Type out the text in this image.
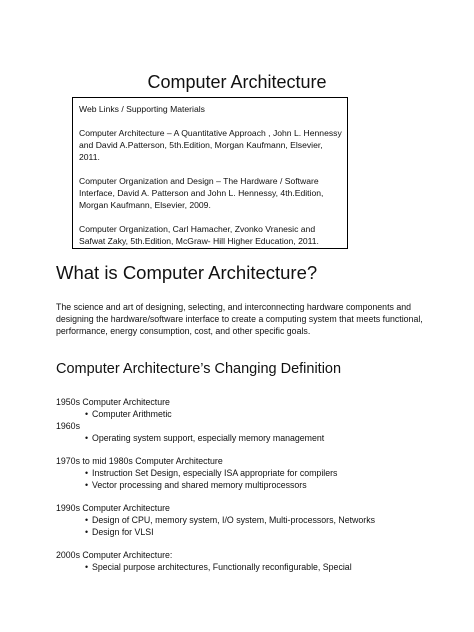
Computer Architecture

Web Links / Supporting Materials

Computer Architecture – A Quantitative Approach , John L. Hennessy and David A.Patterson, 5th.Edition, Morgan Kaufmann, Elsevier, 2011.

Computer Organization and Design – The Hardware / Software Interface, David A. Patterson and John L. Hennessy, 4th.Edition, Morgan Kaufmann, Elsevier, 2009.

Computer Organization, Carl Hamacher, Zvonko Vranesic and Safwat Zaky, 5th.Edition, McGraw- Hill Higher Education, 2011.

What is Computer Architecture?

The science and art of designing, selecting, and interconnecting hardware components and designing the hardware/software interface to create a computing system that meets functional, performance, energy consumption, cost, and other specific goals.

Computer Architecture’s Changing Definition
1950s Computer Architecture
• Computer Arithmetic
1960s
• Operating system support, especially memory management
1970s to mid 1980s Computer Architecture
• Instruction Set Design, especially ISA appropriate for compilers
• Vector processing and shared memory multiprocessors
1990s Computer Architecture
• Design of CPU, memory system, I/O system, Multi-processors, Networks
• Design for VLSI
2000s Computer Architecture:
• Special purpose architectures, Functionally reconfigurable, Special
